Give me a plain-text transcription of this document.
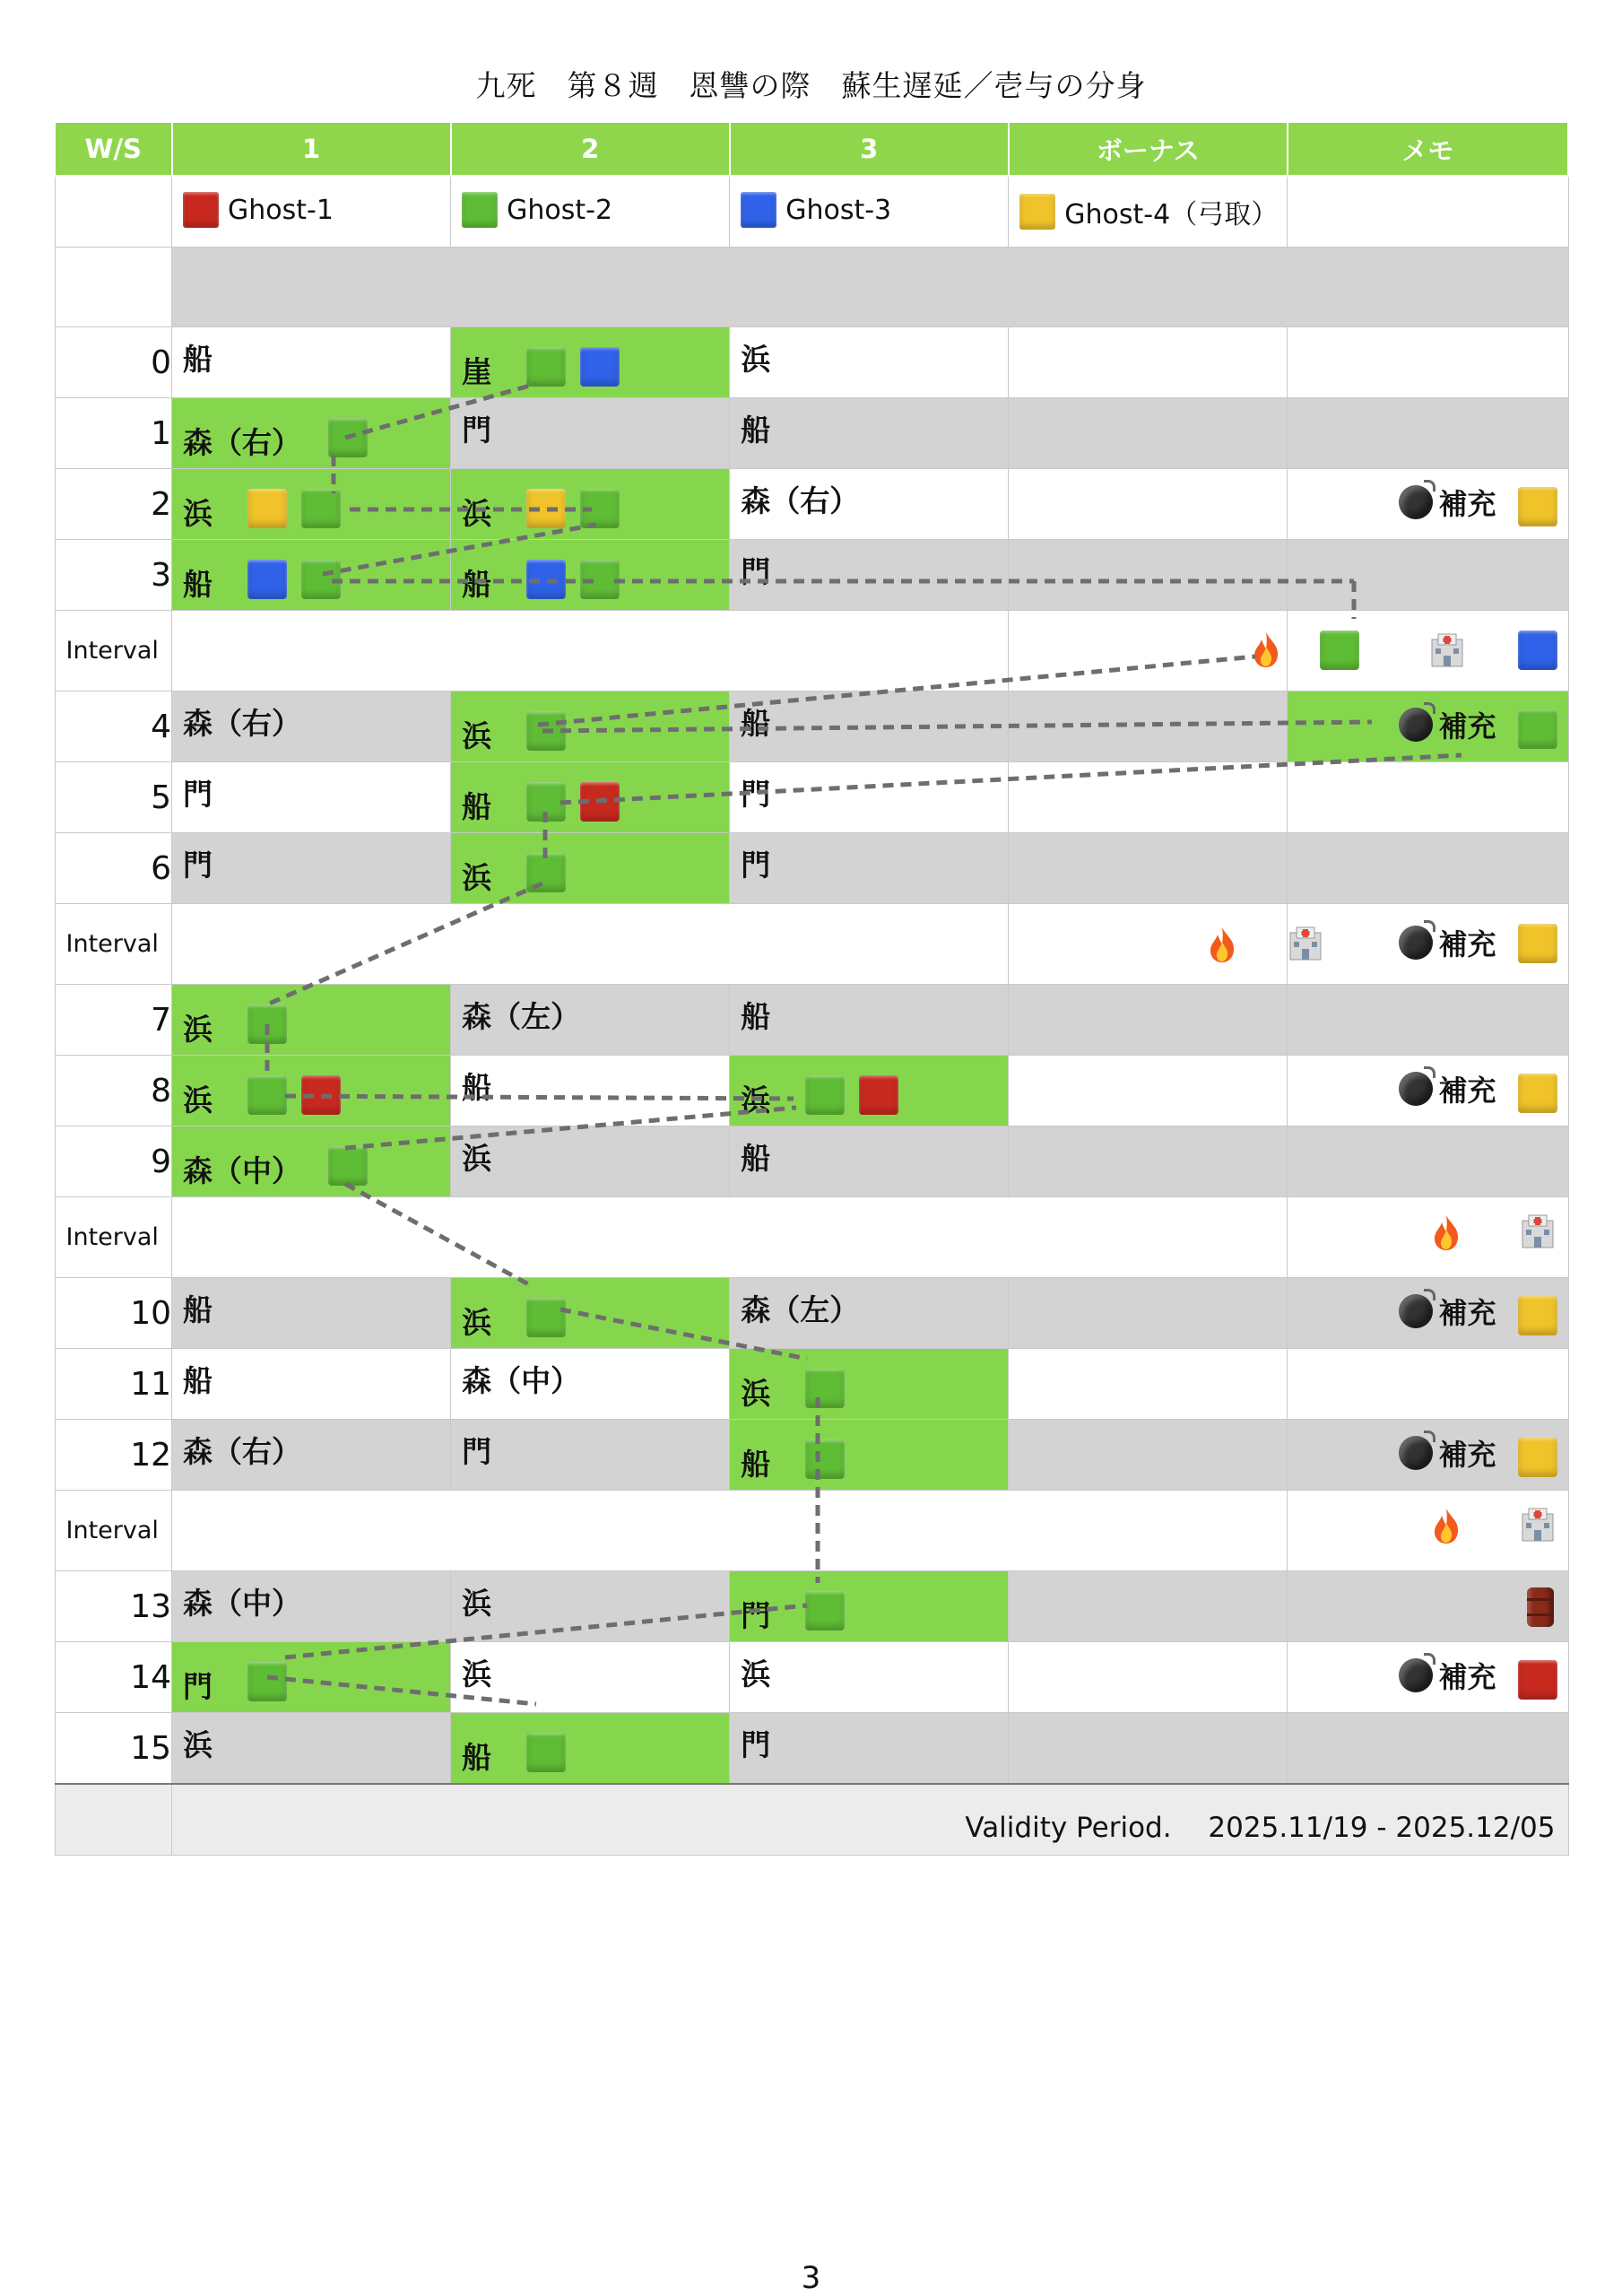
九死　第８週　恩讐の際　蘇生遅延／壱与の分身
W/S	1	2	3	ボーナス	メモ

	Ghost-1	Ghost-2	Ghost-3	Ghost-4（弓取）	

0	船	崖	浜		

1	森（右）	門	船		

2	浜	浜	森（右）		補充

3	船	船	門		

Interval		

4	森（右）	浜	船		補充

5	門	船	門		

6	門	浜	門		

Interval					補充

7	浜	森（左）	船		

8	浜	船	浜		補充

9	森（中）	浜	船		

Interval		

10	船	浜	森（左）		補充

11	船	森（中）	浜		

12	森（右）	門	船		補充

Interval		

13	森（中）	浜	門		

14	門	浜	浜		補充

15	浜	船	門		

	Validity Period.　 2025.11/19 - 2025.12/05				
3
